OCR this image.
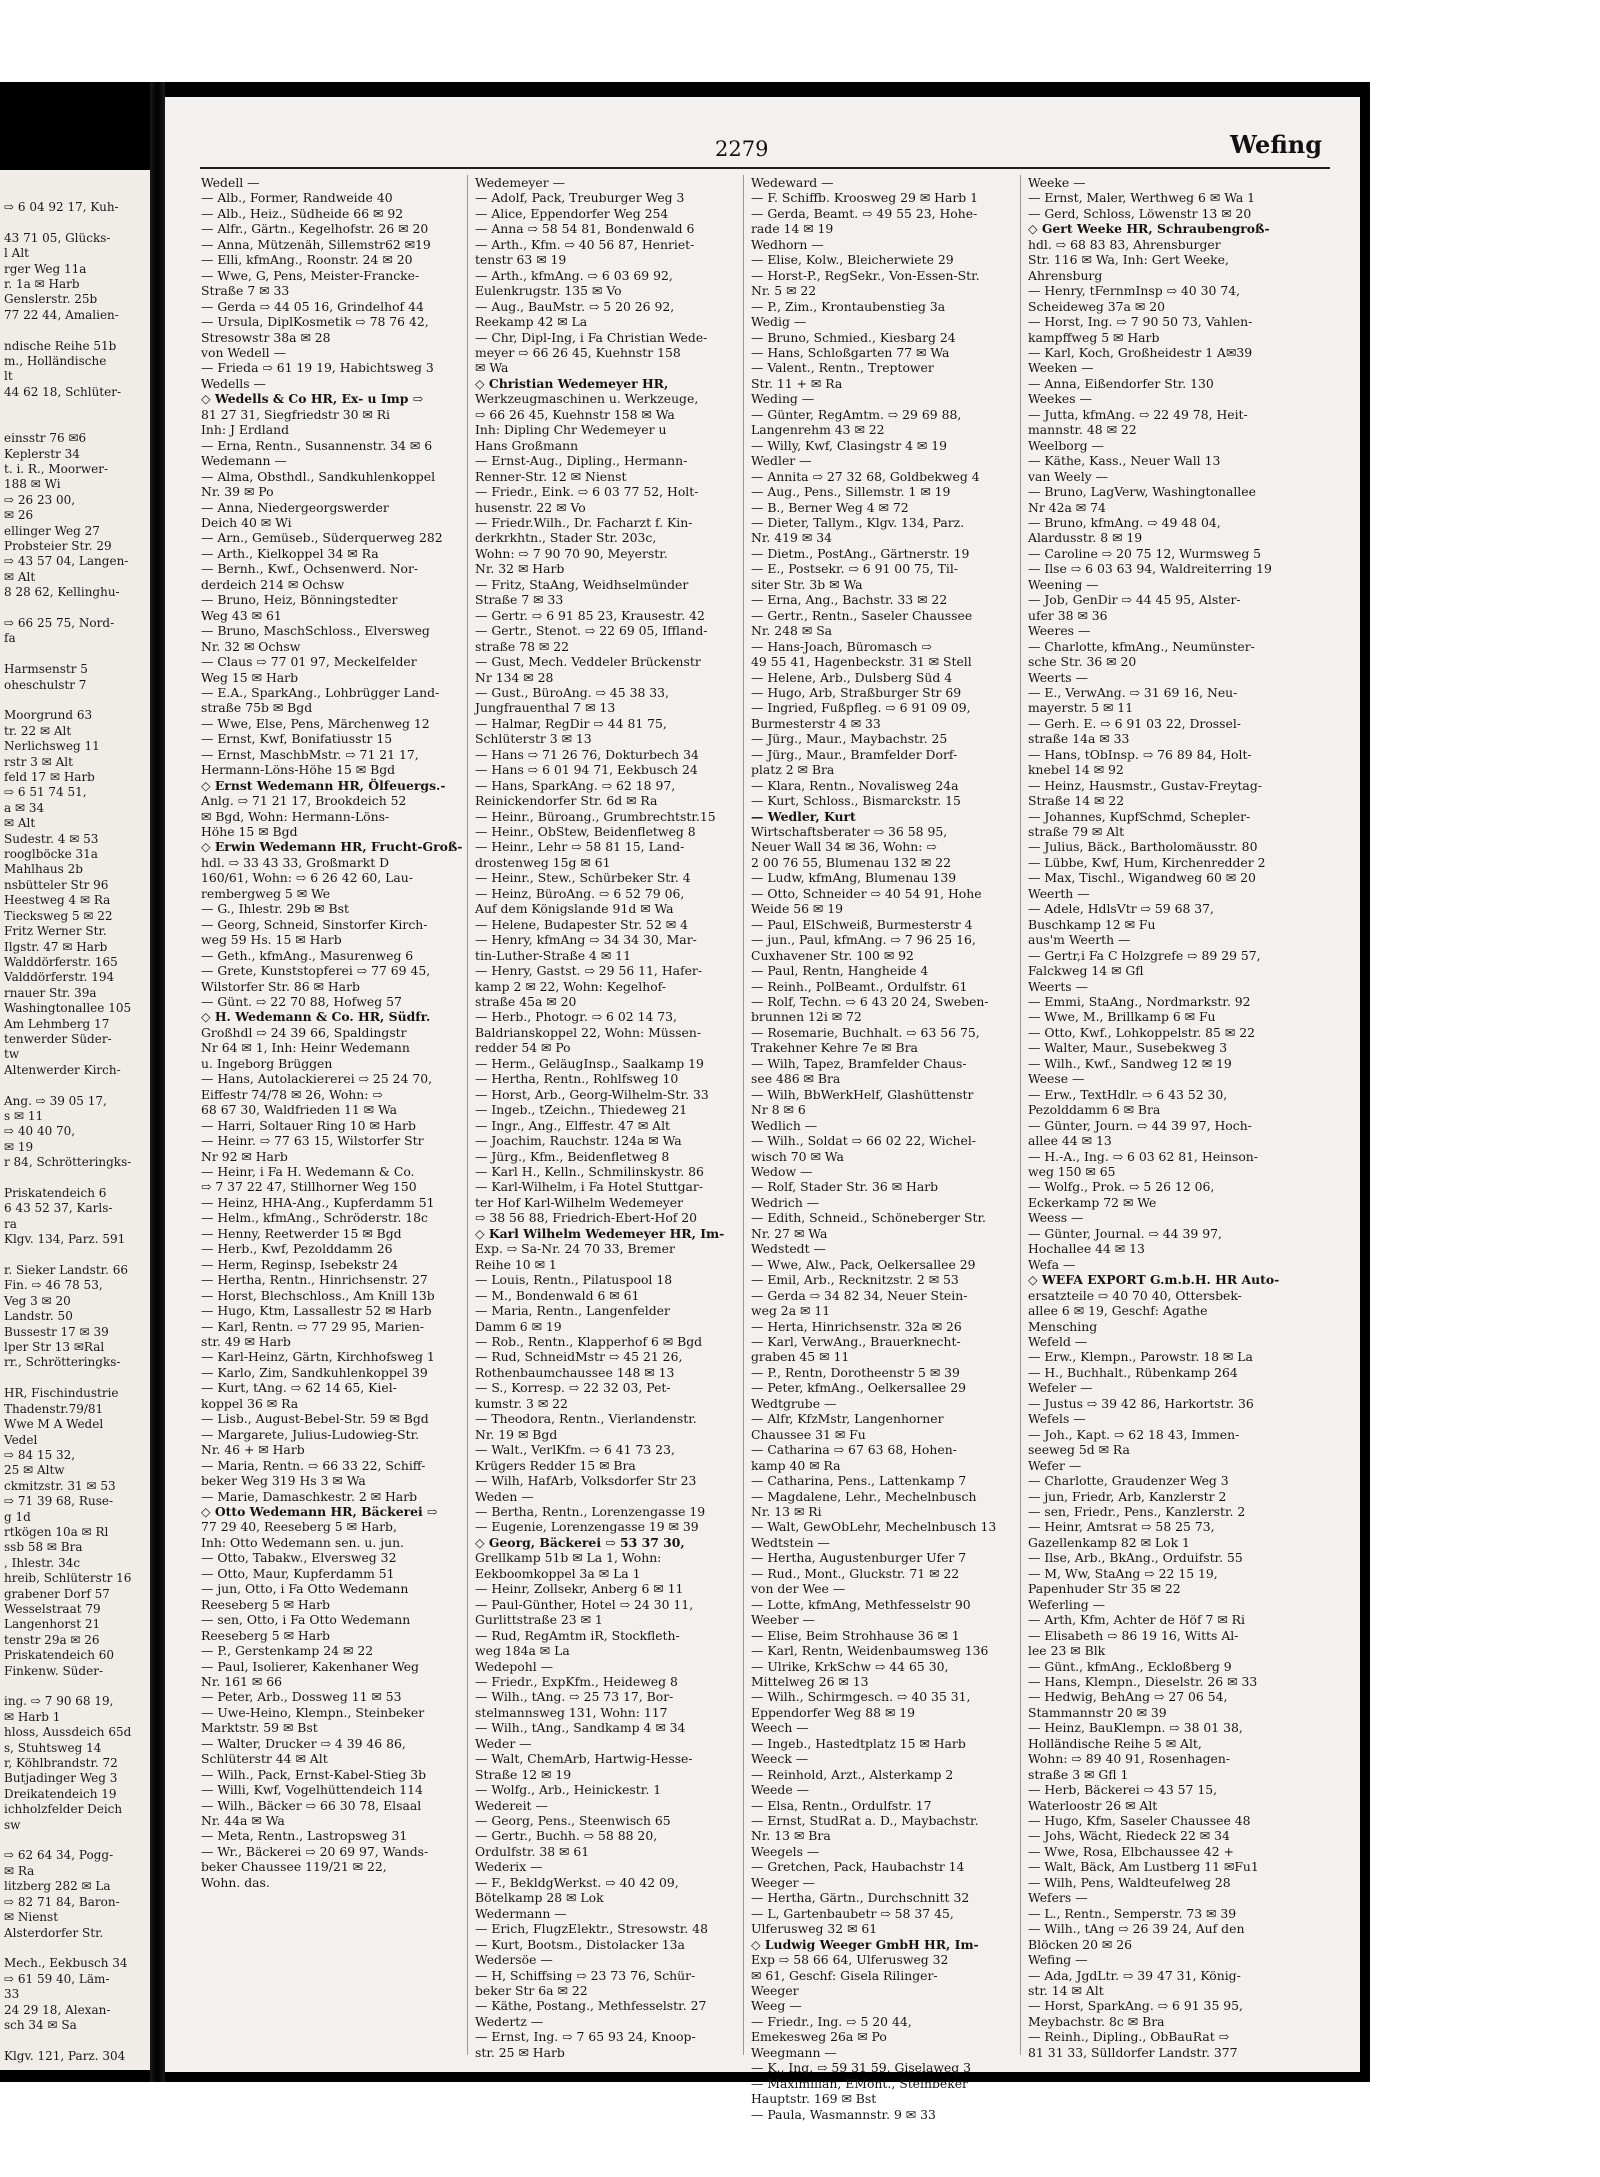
⇨ 6 04 92 17, Kuh-

43 71 05, Glücks-
l Alt
rger Weg 11a
r. 1a ✉ Harb
Genslerstr. 25b
77 22 44, Amalien-

ndische Reihe 51b
m., Holländische
lt
44 62 18, Schlüter-

einsstr 76 ✉6
Keplerstr 34
t. i. R., Moorwer-
188 ✉ Wi
⇨ 26 23 00,
✉ 26
ellinger Weg 27
Probsteier Str. 29
⇨ 43 57 04, Langen-
✉ Alt
8 28 62, Kellinghu-

⇨ 66 25 75, Nord-
fa

Harmsenstr 5
oheschulstr 7

Moorgrund 63
tr. 22 ✉ Alt
Nerlichsweg 11
rstr 3 ✉ Alt
feld 17 ✉ Harb
⇨ 6 51 74 51,
a ✉ 34
✉ Alt
Sudestr. 4 ✉ 53
rooglböcke 31a
Mahlhaus 2b
nsbütteler Str 96
Heestweg 4 ✉ Ra
Tiecksweg 5 ✉ 22
Fritz Werner Str.
Ilgstr. 47 ✉ Harb
Walddörferstr. 165
Valddörferstr. 194
rnauer Str. 39a
Washingtonallee 105
Am Lehmberg 17
tenwerder Süder-
tw
Altenwerder Kirch-

Ang. ⇨ 39 05 17,
s ✉ 11
⇨ 40 40 70,
✉ 19
r 84, Schrötteringks-

Priskatendeich 6
6 43 52 37, Karls-
ra
Klgv. 134, Parz. 591

r. Sieker Landstr. 66
Fin. ⇨ 46 78 53,
Veg 3 ✉ 20
Landstr. 50
Bussestr 17 ✉ 39
lper Str 13 ✉Ral
rr., Schrötteringks-

HR, Fischindustrie
Thadenstr.79/81
Wwe M A Wedel
Vedel
⇨ 84 15 32,
25 ✉ Altw
ckmitzstr. 31 ✉ 53
⇨ 71 39 68, Ruse-
g 1d
rtkögen 10a ✉ Rl
ssb 58 ✉ Bra
, Ihlestr. 34c
hreib, Schlüterstr 16
grabener Dorf 57
Wesselstraat 79
Langenhorst 21
tenstr 29a ✉ 26
Priskatendeich 60
Finkenw. Süder-

ing. ⇨ 7 90 68 19,
✉ Harb 1
hloss, Aussdeich 65d
s, Stuhtsweg 14
r, Köhlbrandstr. 72
Butjadinger Weg 3
Dreikatendeich 19
ichholzfelder Deich
sw

⇨ 62 64 34, Pogg-
✉ Ra
litzberg 282 ✉ La
⇨ 82 71 84, Baron-
✉ Nienst
Alsterdorfer Str.

Mech., Eekbusch 34
⇨ 61 59 40, Läm-
33
24 29 18, Alexan-
sch 34 ✉ Sa

Klgv. 121, Parz. 304
2279	Wefing
Wedell —
— Alb., Former, Randweide 40
— Alb., Heiz., Südheide 66 ✉ 92
— Alfr., Gärtn., Kegelhofstr. 26 ✉ 20
— Anna, Mützenäh, Sillemstr62 ✉19
— Elli, kfmAng., Roonstr. 24 ✉ 20
— Wwe, G, Pens, Meister-Francke-
Straße 7 ✉ 33
— Gerda ⇨ 44 05 16, Grindelhof 44
— Ursula, DiplKosmetik ⇨ 78 76 42,
Stresowstr 38a ✉ 28
von Wedell —
— Frieda ⇨ 61 19 19, Habichtsweg 3
Wedells —
◇ Wedells & Co HR, Ex- u Imp ⇨
81 27 31, Siegfriedstr 30 ✉ Ri
Inh: J Erdland
— Erna, Rentn., Susannenstr. 34 ✉ 6
Wedemann —
— Alma, Obsthdl., Sandkuhlenkoppel
Nr. 39 ✉ Po
— Anna, Niedergeorgswerder
Deich 40 ✉ Wi
— Arn., Gemüseb., Süderquerweg 282
— Arth., Kielkoppel 34 ✉ Ra
— Bernh., Kwf., Ochsenwerd. Nor-
derdeich 214 ✉ Ochsw
— Bruno, Heiz, Bönningstedter
Weg 43 ✉ 61
— Bruno, MaschSchloss., Elversweg
Nr. 32 ✉ Ochsw
— Claus ⇨ 77 01 97, Meckelfelder
Weg 15 ✉ Harb
— E.A., SparkAng., Lohbrügger Land-
straße 75b ✉ Bgd
— Wwe, Else, Pens, Märchenweg 12
— Ernst, Kwf, Bonifatiusstr 15
— Ernst, MaschbMstr. ⇨ 71 21 17,
Hermann-Löns-Höhe 15 ✉ Bgd
◇ Ernst Wedemann HR, Ölfeuergs.-
Anlg. ⇨ 71 21 17, Brookdeich 52
✉ Bgd, Wohn: Hermann-Löns-
Höhe 15 ✉ Bgd
◇ Erwin Wedemann HR, Frucht-Groß-
hdl. ⇨ 33 43 33, Großmarkt D
160/61, Wohn: ⇨ 6 26 42 60, Lau-
rembergweg 5 ✉ We
— G., Ihlestr. 29b ✉ Bst
— Georg, Schneid, Sinstorfer Kirch-
weg 59 Hs. 15 ✉ Harb
— Geth., kfmAng., Masurenweg 6
— Grete, Kunststopferei ⇨ 77 69 45,
Wilstorfer Str. 86 ✉ Harb
— Günt. ⇨ 22 70 88, Hofweg 57
◇ H. Wedemann & Co. HR, Südfr.
Großhdl ⇨ 24 39 66, Spaldingstr
Nr 64 ✉ 1, Inh: Heinr Wedemann
u. Ingeborg Brüggen
— Hans, Autolackiererei ⇨ 25 24 70,
Eiffestr 74/78 ✉ 26, Wohn: ⇨
68 67 30, Waldfrieden 11 ✉ Wa
— Harri, Soltauer Ring 10 ✉ Harb
— Heinr. ⇨ 77 63 15, Wilstorfer Str
Nr 92 ✉ Harb
— Heinr, i Fa H. Wedemann & Co.
⇨ 7 37 22 47, Stillhorner Weg 150
— Heinz, HHA-Ang., Kupferdamm 51
— Helm., kfmAng., Schröderstr. 18c
— Henny, Reetwerder 15 ✉ Bgd
— Herb., Kwf, Pezolddamm 26
— Herm, Reginsp, Isebekstr 24
— Hertha, Rentn., Hinrichsenstr. 27
— Horst, Blechschloss., Am Knill 13b
— Hugo, Ktm, Lassallestr 52 ✉ Harb
— Karl, Rentn. ⇨ 77 29 95, Marien-
str. 49 ✉ Harb
— Karl-Heinz, Gärtn, Kirchhofsweg 1
— Karlo, Zim, Sandkuhlenkoppel 39
— Kurt, tAng. ⇨ 62 14 65, Kiel-
koppel 36 ✉ Ra
— Lisb., August-Bebel-Str. 59 ✉ Bgd
— Margarete, Julius-Ludowieg-Str.
Nr. 46 + ✉ Harb
— Maria, Rentn. ⇨ 66 33 22, Schiff-
beker Weg 319 Hs 3 ✉ Wa
— Marie, Damaschkestr. 2 ✉ Harb
◇ Otto Wedemann HR, Bäckerei ⇨
77 29 40, Reeseberg 5 ✉ Harb,
Inh: Otto Wedemann sen. u. jun.
— Otto, Tabakw., Elversweg 32
— Otto, Maur, Kupferdamm 51
— jun, Otto, i Fa Otto Wedemann
Reeseberg 5 ✉ Harb
— sen, Otto, i Fa Otto Wedemann
Reeseberg 5 ✉ Harb
— P., Gerstenkamp 24 ✉ 22
— Paul, Isolierer, Kakenhaner Weg
Nr. 161 ✉ 66
— Peter, Arb., Dossweg 11 ✉ 53
— Uwe-Heino, Klempn., Steinbeker
Marktstr. 59 ✉ Bst
— Walter, Drucker ⇨ 4 39 46 86,
Schlüterstr 44 ✉ Alt
— Wilh., Pack, Ernst-Kabel-Stieg 3b
— Willi, Kwf, Vogelhüttendeich 114
— Wilh., Bäcker ⇨ 66 30 78, Elsaal
Nr. 44a ✉ Wa
— Meta, Rentn., Lastropsweg 31
— Wr., Bäckerei ⇨ 20 69 97, Wands-
beker Chaussee 119/21 ✉ 22,
Wohn. das.
Wedemeyer —
— Adolf, Pack, Treuburger Weg 3
— Alice, Eppendorfer Weg 254
— Anna ⇨ 58 54 81, Bondenwald 6
— Arth., Kfm. ⇨ 40 56 87, Henriet-
tenstr 63 ✉ 19
— Arth., kfmAng. ⇨ 6 03 69 92,
Eulenkrugstr. 135 ✉ Vo
— Aug., BauMstr. ⇨ 5 20 26 92,
Reekamp 42 ✉ La
— Chr, Dipl-Ing, i Fa Christian Wede-
meyer ⇨ 66 26 45, Kuehnstr 158
✉ Wa
◇ Christian Wedemeyer HR,
Werkzeugmaschinen u. Werkzeuge,
⇨ 66 26 45, Kuehnstr 158 ✉ Wa
Inh: Dipling Chr Wedemeyer u
Hans Großmann
— Ernst-Aug., Dipling., Hermann-
Renner-Str. 12 ✉ Nienst
— Friedr., Eink. ⇨ 6 03 77 52, Holt-
husenstr. 22 ✉ Vo
— Friedr.Wilh., Dr. Facharzt f. Kin-
derkrkhtn., Stader Str. 203c,
Wohn: ⇨ 7 90 70 90, Meyerstr.
Nr. 32 ✉ Harb
— Fritz, StaAng, Weidhselmünder
Straße 7 ✉ 33
— Gertr. ⇨ 6 91 85 23, Krausestr. 42
— Gertr., Stenot. ⇨ 22 69 05, Iffland-
straße 78 ✉ 22
— Gust, Mech. Veddeler Brückenstr
Nr 134 ✉ 28
— Gust., BüroAng. ⇨ 45 38 33,
Jungfrauenthal 7 ✉ 13
— Halmar, RegDir ⇨ 44 81 75,
Schlüterstr 3 ✉ 13
— Hans ⇨ 71 26 76, Dokturbech 34
— Hans ⇨ 6 01 94 71, Eekbusch 24
— Hans, SparkAng. ⇨ 62 18 97,
Reinickendorfer Str. 6d ✉ Ra
— Heinr., Büroang., Grumbrechtstr.15
— Heinr., ObStew, Beidenfletweg 8
— Heinr., Lehr ⇨ 58 81 15, Land-
drostenweg 15g ✉ 61
— Heinr., Stew., Schürbeker Str. 4
— Heinz, BüroAng. ⇨ 6 52 79 06,
Auf dem Königslande 91d ✉ Wa
— Helene, Budapester Str. 52 ✉ 4
— Henry, kfmAng ⇨ 34 34 30, Mar-
tin-Luther-Straße 4 ✉ 11
— Henry, Gastst. ⇨ 29 56 11, Hafer-
kamp 2 ✉ 22, Wohn: Kegelhof-
straße 45a ✉ 20
— Herb., Photogr. ⇨ 6 02 14 73,
Baldrianskoppel 22, Wohn: Müssen-
redder 54 ✉ Po
— Herm., GeläugInsp., Saalkamp 19
— Hertha, Rentn., Rohlfsweg 10
— Horst, Arb., Georg-Wilhelm-Str. 33
— Ingeb., tZeichn., Thiedeweg 21
— Ingr., Ang., Elffestr. 47 ✉ Alt
— Joachim, Rauchstr. 124a ✉ Wa
— Jürg., Kfm., Beidenfletweg 8
— Karl H., Kelln., Schmilinskystr. 86
— Karl-Wilhelm, i Fa Hotel Stuttgar-
ter Hof Karl-Wilhelm Wedemeyer
⇨ 38 56 88, Friedrich-Ebert-Hof 20
◇ Karl Wilhelm Wedemeyer HR, Im-
Exp. ⇨ Sa-Nr. 24 70 33, Bremer
Reihe 10 ✉ 1
— Louis, Rentn., Pilatuspool 18
— M., Bondenwald 6 ✉ 61
— Maria, Rentn., Langenfelder
Damm 6 ✉ 19
— Rob., Rentn., Klapperhof 6 ✉ Bgd
— Rud, SchneidMstr ⇨ 45 21 26,
Rothenbaumchaussee 148 ✉ 13
— S., Korresp. ⇨ 22 32 03, Pet-
kumstr. 3 ✉ 22
— Theodora, Rentn., Vierlandenstr.
Nr. 19 ✉ Bgd
— Walt., VerlKfm. ⇨ 6 41 73 23,
Krügers Redder 15 ✉ Bra
— Wilh, HafArb, Volksdorfer Str 23
Weden —
— Bertha, Rentn., Lorenzengasse 19
— Eugenie, Lorenzengasse 19 ✉ 39
◇ Georg, Bäckerei ⇨ 53 37 30,
Grellkamp 51b ✉ La 1, Wohn:
Eekboomkoppel 3a ✉ La 1
— Heinr, Zollsekr, Anberg 6 ✉ 11
— Paul-Günther, Hotel ⇨ 24 30 11,
Gurlittstraße 23 ✉ 1
— Rud, RegAmtm iR, Stockfleth-
weg 184a ✉ La
Wedepohl —
— Friedr., ExpKfm., Heideweg 8
— Wilh., tAng. ⇨ 25 73 17, Bor-
stelmannsweg 131, Wohn: 117
— Wilh., tAng., Sandkamp 4 ✉ 34
Weder —
— Walt, ChemArb, Hartwig-Hesse-
Straße 12 ✉ 19
— Wolfg., Arb., Heinickestr. 1
Wedereit —
— Georg, Pens., Steenwisch 65
— Gertr., Buchh. ⇨ 58 88 20,
Ordulfstr. 38 ✉ 61
Wederix —
— F., BekldgWerkst. ⇨ 40 42 09,
Bötelkamp 28 ✉ Lok
Wedermann —
— Erich, FlugzElektr., Stresowstr. 48
— Kurt, Bootsm., Distolacker 13a
Wedersöe —
— H, Schiffsing ⇨ 23 73 76, Schür-
beker Str 6a ✉ 22
— Käthe, Postang., Methfesselstr. 27
Wedertz —
— Ernst, Ing. ⇨ 7 65 93 24, Knoop-
str. 25 ✉ Harb
Wedeward —
— F. Schiffb. Kroosweg 29 ✉ Harb 1
— Gerda, Beamt. ⇨ 49 55 23, Hohe-
rade 14 ✉ 19
Wedhorn —
— Elise, Kolw., Bleicherwiete 29
— Horst-P., RegSekr., Von-Essen-Str.
Nr. 5 ✉ 22
— P., Zim., Krontaubenstieg 3a
Wedig —
— Bruno, Schmied., Kiesbarg 24
— Hans, Schloßgarten 77 ✉ Wa
— Valent., Rentn., Treptower
Str. 11 + ✉ Ra
Weding —
— Günter, RegAmtm. ⇨ 29 69 88,
Langenrehm 43 ✉ 22
— Willy, Kwf, Clasingstr 4 ✉ 19
Wedler —
— Annita ⇨ 27 32 68, Goldbekweg 4
— Aug., Pens., Sillemstr. 1 ✉ 19
— B., Berner Weg 4 ✉ 72
— Dieter, Tallym., Klgv. 134, Parz.
Nr. 419 ✉ 34
— Dietm., PostAng., Gärtnerstr. 19
— E., Postsekr. ⇨ 6 91 00 75, Til-
siter Str. 3b ✉ Wa
— Erna, Ang., Bachstr. 33 ✉ 22
— Gertr., Rentn., Saseler Chaussee
Nr. 248 ✉ Sa
— Hans-Joach, Büromasch ⇨
49 55 41, Hagenbeckstr. 31 ✉ Stell
— Helene, Arb., Dulsberg Süd 4
— Hugo, Arb, Straßburger Str 69
— Ingried, Fußpfleg. ⇨ 6 91 09 09,
Burmesterstr 4 ✉ 33
— Jürg., Maur., Maybachstr. 25
— Jürg., Maur., Bramfelder Dorf-
platz 2 ✉ Bra
— Klara, Rentn., Novalisweg 24a
— Kurt, Schloss., Bismarckstr. 15
— Wedler, Kurt
Wirtschaftsberater ⇨ 36 58 95,
Neuer Wall 34 ✉ 36, Wohn: ⇨
2 00 76 55, Blumenau 132 ✉ 22
— Ludw, kfmAng, Blumenau 139
— Otto, Schneider ⇨ 40 54 91, Hohe
Weide 56 ✉ 19
— Paul, ElSchweiß, Burmesterstr 4
— jun., Paul, kfmAng. ⇨ 7 96 25 16,
Cuxhavener Str. 100 ✉ 92
— Paul, Rentn, Hangheide 4
— Reinh., PolBeamt., Ordulfstr. 61
— Rolf, Techn. ⇨ 6 43 20 24, Sweben-
brunnen 12i ✉ 72
— Rosemarie, Buchhalt. ⇨ 63 56 75,
Trakehner Kehre 7e ✉ Bra
— Wilh, Tapez, Bramfelder Chaus-
see 486 ✉ Bra
— Wilh, BbWerkHelf, Glashüttenstr
Nr 8 ✉ 6
Wedlich —
— Wilh., Soldat ⇨ 66 02 22, Wichel-
wisch 70 ✉ Wa
Wedow —
— Rolf, Stader Str. 36 ✉ Harb
Wedrich —
— Edith, Schneid., Schöneberger Str.
Nr. 27 ✉ Wa
Wedstedt —
— Wwe, Alw., Pack, Oelkersallee 29
— Emil, Arb., Recknitzstr. 2 ✉ 53
— Gerda ⇨ 34 82 34, Neuer Stein-
weg 2a ✉ 11
— Herta, Hinrichsenstr. 32a ✉ 26
— Karl, VerwAng., Brauerknecht-
graben 45 ✉ 11
— P., Rentn, Dorotheenstr 5 ✉ 39
— Peter, kfmAng., Oelkersallee 29
Wedtgrube —
— Alfr, KfzMstr, Langenhorner
Chaussee 31 ✉ Fu
— Catharina ⇨ 67 63 68, Hohen-
kamp 40 ✉ Ra
— Catharina, Pens., Lattenkamp 7
— Magdalene, Lehr., Mechelnbusch
Nr. 13 ✉ Ri
— Walt, GewObLehr, Mechelnbusch 13
Wedtstein —
— Hertha, Augustenburger Ufer 7
— Rud., Mont., Gluckstr. 71 ✉ 22
von der Wee —
— Lotte, kfmAng, Methfesselstr 90
Weeber —
— Elise, Beim Strohhause 36 ✉ 1
— Karl, Rentn, Weidenbaumsweg 136
— Ulrike, KrkSchw ⇨ 44 65 30,
Mittelweg 26 ✉ 13
— Wilh., Schirmgesch. ⇨ 40 35 31,
Eppendorfer Weg 88 ✉ 19
Weech —
— Ingeb., Hastedtplatz 15 ✉ Harb
Weeck —
— Reinhold, Arzt., Alsterkamp 2
Weede —
— Elsa, Rentn., Ordulfstr. 17
— Ernst, StudRat a. D., Maybachstr.
Nr. 13 ✉ Bra
Weegels —
— Gretchen, Pack, Haubachstr 14
Weeger —
— Hertha, Gärtn., Durchschnitt 32
— L, Gartenbaubetr ⇨ 58 37 45,
Ulferusweg 32 ✉ 61
◇ Ludwig Weeger GmbH HR, Im-
Exp ⇨ 58 66 64, Ulferusweg 32
✉ 61, Geschf: Gisela Rilinger-
Weeger
Weeg —
— Friedr., Ing. ⇨ 5 20 44,
Emekesweg 26a ✉ Po
Weegmann —
— K., Ing. ⇨ 59 31 59, Giselaweg 3
— Maximilian, EMont., Steinbeker
Hauptstr. 169 ✉ Bst
— Paula, Wasmannstr. 9 ✉ 33
Weeke —
— Ernst, Maler, Werthweg 6 ✉ Wa 1
— Gerd, Schloss, Löwenstr 13 ✉ 20
◇ Gert Weeke HR, Schraubengroß-
hdl. ⇨ 68 83 83, Ahrensburger
Str. 116 ✉ Wa, Inh: Gert Weeke,
Ahrensburg
— Henry, tFernmInsp ⇨ 40 30 74,
Scheideweg 37a ✉ 20
— Horst, Ing. ⇨ 7 90 50 73, Vahlen-
kampffweg 5 ✉ Harb
— Karl, Koch, Großheidestr 1 A✉39
Weeken —
— Anna, Eißendorfer Str. 130
Weekes —
— Jutta, kfmAng. ⇨ 22 49 78, Heit-
mannstr. 48 ✉ 22
Weelborg —
— Käthe, Kass., Neuer Wall 13
van Weely —
— Bruno, LagVerw, Washingtonallee
Nr 42a ✉ 74
— Bruno, kfmAng. ⇨ 49 48 04,
Alardusstr. 8 ✉ 19
— Caroline ⇨ 20 75 12, Wurmsweg 5
— Ilse ⇨ 6 03 63 94, Waldreiterring 19
Weening —
— Job, GenDir ⇨ 44 45 95, Alster-
ufer 38 ✉ 36
Weeres —
— Charlotte, kfmAng., Neumünster-
sche Str. 36 ✉ 20
Weerts —
— E., VerwAng. ⇨ 31 69 16, Neu-
mayerstr. 5 ✉ 11
— Gerh. E. ⇨ 6 91 03 22, Drossel-
straße 14a ✉ 33
— Hans, tObInsp. ⇨ 76 89 84, Holt-
knebel 14 ✉ 92
— Heinz, Hausmstr., Gustav-Freytag-
Straße 14 ✉ 22
— Johannes, KupfSchmd, Schepler-
straße 79 ✉ Alt
— Julius, Bäck., Bartholomäusstr. 80
— Lübbe, Kwf, Hum, Kirchenredder 2
— Max, Tischl., Wigandweg 60 ✉ 20
Weerth —
— Adele, HdlsVtr ⇨ 59 68 37,
Buschkamp 12 ✉ Fu
aus'm Weerth —
— Gertr,i Fa C Holzgrefe ⇨ 89 29 57,
Falckweg 14 ✉ Gfl
Weerts —
— Emmi, StaAng., Nordmarkstr. 92
— Wwe, M., Brillkamp 6 ✉ Fu
— Otto, Kwf., Lohkoppelstr. 85 ✉ 22
— Walter, Maur., Susebekweg 3
— Wilh., Kwf., Sandweg 12 ✉ 19
Weese —
— Erw., TextHdlr. ⇨ 6 43 52 30,
Pezolddamm 6 ✉ Bra
— Günter, Journ. ⇨ 44 39 97, Hoch-
allee 44 ✉ 13
— H.-A., Ing. ⇨ 6 03 62 81, Heinson-
weg 150 ✉ 65
— Wolfg., Prok. ⇨ 5 26 12 06,
Eckerkamp 72 ✉ We
Weess —
— Günter, Journal. ⇨ 44 39 97,
Hochallee 44 ✉ 13
Wefa —
◇ WEFA EXPORT G.m.b.H. HR Auto-
ersatzteile ⇨ 40 70 40, Ottersbek-
allee 6 ✉ 19, Geschf: Agathe
Mensching
Wefeld —
— Erw., Klempn., Parowstr. 18 ✉ La
— H., Buchhalt., Rübenkamp 264
Wefeler —
— Justus ⇨ 39 42 86, Harkortstr. 36
Wefels —
— Joh., Kapt. ⇨ 62 18 43, Immen-
seeweg 5d ✉ Ra
Wefer —
— Charlotte, Graudenzer Weg 3
— jun, Friedr, Arb, Kanzlerstr 2
— sen, Friedr., Pens., Kanzlerstr. 2
— Heinr, Amtsrat ⇨ 58 25 73,
Gazellenkamp 82 ✉ Lok 1
— Ilse, Arb., BkAng., Orduifstr. 55
— M, Ww, StaAng ⇨ 22 15 19,
Papenhuder Str 35 ✉ 22
Weferling —
— Arth, Kfm, Achter de Höf 7 ✉ Ri
— Elisabeth ⇨ 86 19 16, Witts Al-
lee 23 ✉ Blk
— Günt., kfmAng., Eckloßberg 9
— Hans, Klempn., Dieselstr. 26 ✉ 33
— Hedwig, BehAng ⇨ 27 06 54,
Stammannstr 20 ✉ 39
— Heinz, BauKlempn. ⇨ 38 01 38,
Holländische Reihe 5 ✉ Alt,
Wohn: ⇨ 89 40 91, Rosenhagen-
straße 3 ✉ Gfl 1
— Herb, Bäckerei ⇨ 43 57 15,
Waterloostr 26 ✉ Alt
— Hugo, Kfm, Saseler Chaussee 48
— Johs, Wächt, Riedeck 22 ✉ 34
— Wwe, Rosa, Elbchaussee 42 +
— Walt, Bäck, Am Lustberg 11 ✉Fu1
— Wilh, Pens, Waldteufelweg 28
Wefers —
— L., Rentn., Semperstr. 73 ✉ 39
— Wilh., tAng ⇨ 26 39 24, Auf den
Blöcken 20 ✉ 26
Wefing —
— Ada, JgdLtr. ⇨ 39 47 31, König-
str. 14 ✉ Alt
— Horst, SparkAng. ⇨ 6 91 35 95,
Meybachstr. 8c ✉ Bra
— Reinh., Dipling., ObBauRat ⇨
81 31 33, Sülldorfer Landstr. 377
